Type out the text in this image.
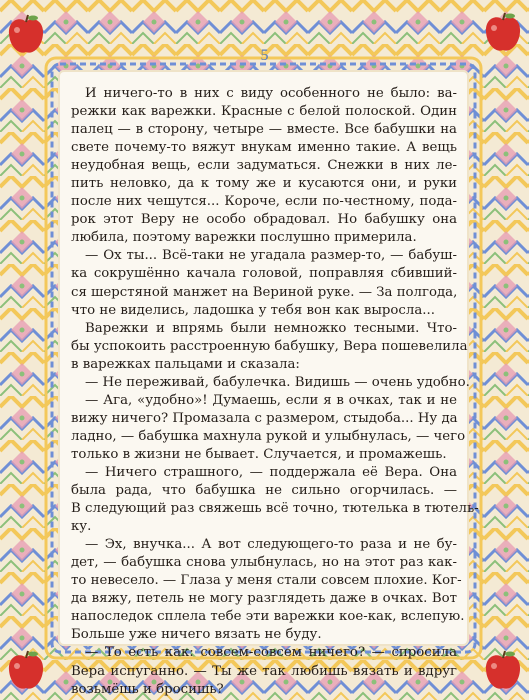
5
И ничего-то в них с виду особенного не было: ва-
режки как варежки. Красные с белой полоской. Один
палец — в сторону, четыре — вместе. Все бабушки на
свете почему-то вяжут внукам именно такие. А вещь
неудобная вещь, если задуматься. Снежки в них ле-
пить неловко, да к тому же и кусаются они, и руки
после них чешутся... Короче, если по-честному, пода-
рок этот Веру не особо обрадовал. Но бабушку она
любила, поэтому варежки послушно примерила.
— Ох ты... Всё-таки не угадала размер-то, — бабуш-
ка сокрушённо качала головой, поправляя сбивший-
ся шерстяной манжет на Вериной руке. — За полгода,
что не виделись, ладошка у тебя вон как выросла...
Варежки и впрямь были немножко тесными. Что-
бы успокоить расстроенную бабушку, Вера пошевелила
в варежках пальцами и сказала:
— Не переживай, бабулечка. Видишь — очень удобно.
— Ага, «удобно»! Думаешь, если я в очках, так и не
вижу ничего? Промазала с размером, стыдоба... Ну да
ладно, — бабушка махнула рукой и улыбнулась, — чего
только в жизни не бывает. Случается, и промажешь.
— Ничего страшного, — поддержала её Вера. Она
была рада, что бабушка не сильно огорчилась. —
В следующий раз свяжешь всё точно, тютелька в тютель-
ку.
— Эх, внучка... А вот следующего-то раза и не бу-
дет, — бабушка снова улыбнулась, но на этот раз как-
то невесело. — Глаза у меня стали совсем плохие. Ког-
да вяжу, петель не могу разглядеть даже в очках. Вот
напоследок сплела тебе эти варежки кое-как, вслепую.
Больше уже ничего вязать не буду.
— То есть как: совсем-совсем ничего? — спросила
Вера испуганно. — Ты же так любишь вязать и вдруг
возьмёшь и бросишь?
